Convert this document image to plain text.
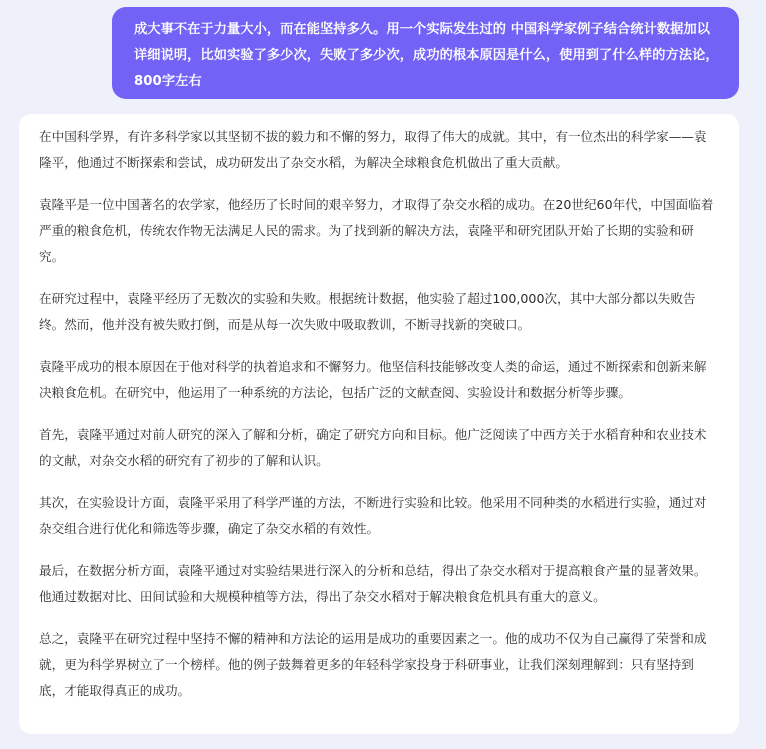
成大事不在于力量大小，而在能坚持多久。用一个实际发生过的 中国科学家例子结合统计数据加以详细说明，比如实验了多少次，失败了多少次，成功的根本原因是什么，使用到了什么样的方法论，800字左右

在中国科学界，有许多科学家以其坚韧不拔的毅力和不懈的努力，取得了伟大的成就。其中，有一位杰出的科学家——袁隆平，他通过不断探索和尝试，成功研发出了杂交水稻，为解决全球粮食危机做出了重大贡献。

袁隆平是一位中国著名的农学家，他经历了长时间的艰辛努力，才取得了杂交水稻的成功。在20世纪60年代，中国面临着严重的粮食危机，传统农作物无法满足人民的需求。为了找到新的解决方法，袁隆平和研究团队开始了长期的实验和研究。

在研究过程中，袁隆平经历了无数次的实验和失败。根据统计数据，他实验了超过100,000次，其中大部分都以失败告终。然而，他并没有被失败打倒，而是从每一次失败中吸取教训，不断寻找新的突破口。

袁隆平成功的根本原因在于他对科学的执着追求和不懈努力。他坚信科技能够改变人类的命运，通过不断探索和创新来解决粮食危机。在研究中，他运用了一种系统的方法论，包括广泛的文献查阅、实验设计和数据分析等步骤。

首先，袁隆平通过对前人研究的深入了解和分析，确定了研究方向和目标。他广泛阅读了中西方关于水稻育种和农业技术的文献，对杂交水稻的研究有了初步的了解和认识。

其次，在实验设计方面，袁隆平采用了科学严谨的方法，不断进行实验和比较。他采用不同种类的水稻进行实验，通过对杂交组合进行优化和筛选等步骤，确定了杂交水稻的有效性。

最后，在数据分析方面，袁隆平通过对实验结果进行深入的分析和总结，得出了杂交水稻对于提高粮食产量的显著效果。他通过数据对比、田间试验和大规模种植等方法，得出了杂交水稻对于解决粮食危机具有重大的意义。

总之，袁隆平在研究过程中坚持不懈的精神和方法论的运用是成功的重要因素之一。他的成功不仅为自己赢得了荣誉和成就，更为科学界树立了一个榜样。他的例子鼓舞着更多的年轻科学家投身于科研事业，让我们深刻理解到：只有坚持到底，才能取得真正的成功。
